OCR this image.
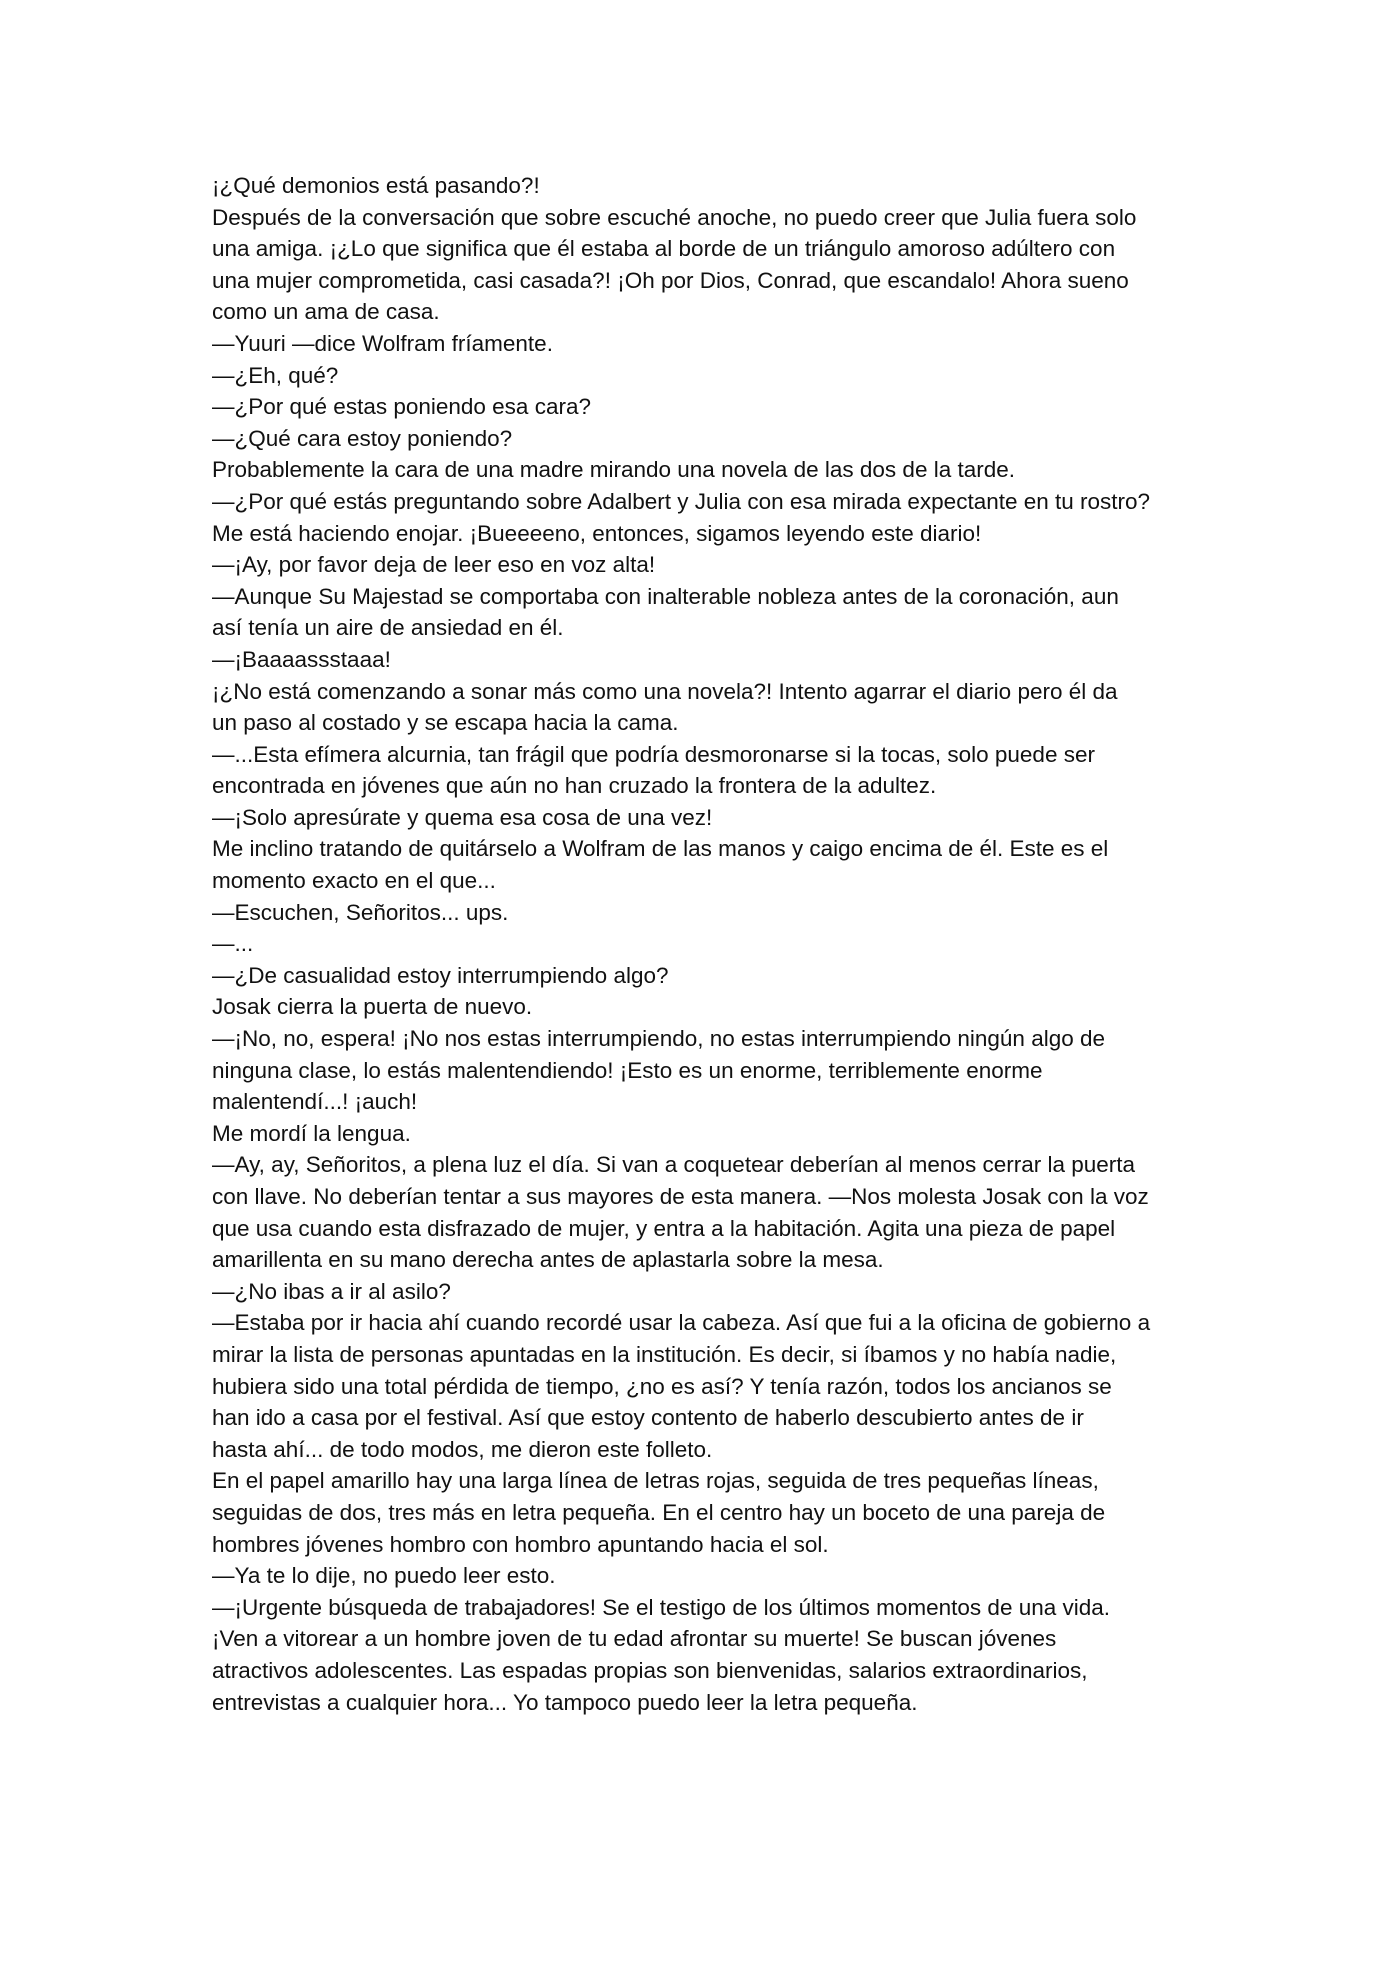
¡¿Qué demonios está pasando?!
Después de la conversación que sobre escuché anoche, no puedo creer que Julia fuera solo
una amiga. ¡¿Lo que significa que él estaba al borde de un triángulo amoroso adúltero con
una mujer comprometida, casi casada?! ¡Oh por Dios, Conrad, que escandalo! Ahora sueno
como un ama de casa.
—Yuuri —dice Wolfram fríamente.
—¿Eh, qué?
—¿Por qué estas poniendo esa cara?
—¿Qué cara estoy poniendo?
Probablemente la cara de una madre mirando una novela de las dos de la tarde.
—¿Por qué estás preguntando sobre Adalbert y Julia con esa mirada expectante en tu rostro?
Me está haciendo enojar. ¡Bueeeeno, entonces, sigamos leyendo este diario!
—¡Ay, por favor deja de leer eso en voz alta!
—Aunque Su Majestad se comportaba con inalterable nobleza antes de la coronación, aun
así tenía un aire de ansiedad en él.
—¡Baaaassstaaa!
¡¿No está comenzando a sonar más como una novela?! Intento agarrar el diario pero él da
un paso al costado y se escapa hacia la cama.
—...Esta efímera alcurnia, tan frágil que podría desmoronarse si la tocas, solo puede ser
encontrada en jóvenes que aún no han cruzado la frontera de la adultez.
—¡Solo apresúrate y quema esa cosa de una vez!
Me inclino tratando de quitárselo a Wolfram de las manos y caigo encima de él. Este es el
momento exacto en el que...
—Escuchen, Señoritos... ups.
—...
—¿De casualidad estoy interrumpiendo algo?
Josak cierra la puerta de nuevo.
—¡No, no, espera! ¡No nos estas interrumpiendo, no estas interrumpiendo ningún algo de
ninguna clase, lo estás malentendiendo! ¡Esto es un enorme, terriblemente enorme
malentendí...! ¡auch!
Me mordí la lengua.
—Ay, ay, Señoritos, a plena luz el día. Si van a coquetear deberían al menos cerrar la puerta
con llave. No deberían tentar a sus mayores de esta manera. —Nos molesta Josak con la voz
que usa cuando esta disfrazado de mujer, y entra a la habitación. Agita una pieza de papel
amarillenta en su mano derecha antes de aplastarla sobre la mesa.
—¿No ibas a ir al asilo?
—Estaba por ir hacia ahí cuando recordé usar la cabeza. Así que fui a la oficina de gobierno a
mirar la lista de personas apuntadas en la institución. Es decir, si íbamos y no había nadie,
hubiera sido una total pérdida de tiempo, ¿no es así? Y tenía razón, todos los ancianos se
han ido a casa por el festival. Así que estoy contento de haberlo descubierto antes de ir
hasta ahí... de todo modos, me dieron este folleto.
En el papel amarillo hay una larga línea de letras rojas, seguida de tres pequeñas líneas,
seguidas de dos, tres más en letra pequeña. En el centro hay un boceto de una pareja de
hombres jóvenes hombro con hombro apuntando hacia el sol.
—Ya te lo dije, no puedo leer esto.
—¡Urgente búsqueda de trabajadores! Se el testigo de los últimos momentos de una vida.
¡Ven a vitorear a un hombre joven de tu edad afrontar su muerte! Se buscan jóvenes
atractivos adolescentes. Las espadas propias son bienvenidas, salarios extraordinarios,
entrevistas a cualquier hora... Yo tampoco puedo leer la letra pequeña.
